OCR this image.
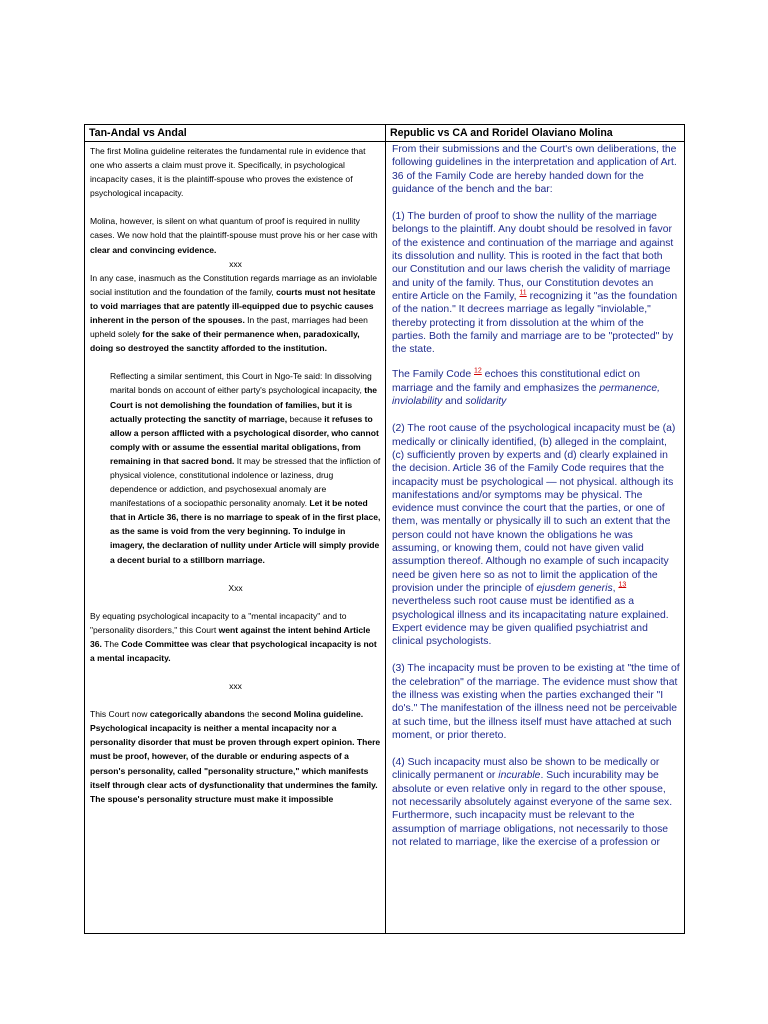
Tan-Andal vs Andal	Republic vs CA and Roridel Olaviano Molina

The first Molina guideline reiterates the fundamental rule in evidence that one who asserts a claim must prove it. Specifically, in psychological incapacity cases, it is the plaintiff-spouse who proves the existence of psychological incapacity.

Molina, however, is silent on what quantum of proof is required in nullity cases. We now hold that the plaintiff-spouse must prove his or her case with clear and convincing evidence.

xxx

In any case, inasmuch as the Constitution regards marriage as an inviolable social institution and the foundation of the family, courts must not hesitate to void marriages that are patently ill-equipped due to psychic causes inherent in the person of the spouses. In the past, marriages had been upheld solely for the sake of their permanence when, paradoxically, doing so destroyed the sanctity afforded to the institution.

Reflecting a similar sentiment, this Court in Ngo-Te said: In dissolving marital bonds on account of either party's psychological incapacity, the Court is not demolishing the foundation of families, but it is actually protecting the sanctity of marriage, because it refuses to allow a person afflicted with a psychological disorder, who cannot comply with or assume the essential marital obligations, from remaining in that sacred bond. It may be stressed that the infliction of physical violence, constitutional indolence or laziness, drug dependence or addiction, and psychosexual anomaly are manifestations of a sociopathic personality anomaly. Let it be noted that in Article 36, there is no marriage to speak of in the first place, as the same is void from the very beginning. To indulge in imagery, the declaration of nullity under Article will simply provide a decent burial to a stillborn marriage.

Xxx

By equating psychological incapacity to a "mental incapacity" and to "personality disorders," this Court went against the intent behind Article 36. The Code Committee was clear that psychological incapacity is not a mental incapacity.

xxx

This Court now categorically abandons the second Molina guideline. Psychological incapacity is neither a mental incapacity nor a personality disorder that must be proven through expert opinion. There must be proof, however, of the durable or enduring aspects of a person's personality, called "personality structure," which manifests itself through clear acts of dysfunctionality that undermines the family. The spouse's personality structure must make it impossible

From their submissions and the Court's own deliberations, the following guidelines in the interpretation and application of Art. 36 of the Family Code are hereby handed down for the guidance of the bench and the bar:

(1) The burden of proof to show the nullity of the marriage belongs to the plaintiff. Any doubt should be resolved in favor of the existence and continuation of the marriage and against its dissolution and nullity. This is rooted in the fact that both our Constitution and our laws cherish the validity of marriage and unity of the family. Thus, our Constitution devotes an entire Article on the Family, $^{11}$ recognizing it "as the foundation of the nation." It decrees marriage as legally "inviolable," thereby protecting it from dissolution at the whim of the parties. Both the family and marriage are to be "protected" by the state.

The Family Code $^{12}$ echoes this constitutional edict on marriage and the family and emphasizes the permanence, inviolability and solidarity

(2) The root cause of the psychological incapacity must be (a) medically or clinically identified, (b) alleged in the complaint, (c) sufficiently proven by experts and (d) clearly explained in the decision. Article 36 of the Family Code requires that the incapacity must be psychological — not physical. although its manifestations and/or symptoms may be physical. The evidence must convince the court that the parties, or one of them, was mentally or physically ill to such an extent that the person could not have known the obligations he was assuming, or knowing them, could not have given valid assumption thereof. Although no example of such incapacity need be given here so as not to limit the application of the provision under the principle of ejusdem generis, $^{13}$ nevertheless such root cause must be identified as a psychological illness and its incapacitating nature explained. Expert evidence may be given qualified psychiatrist and clinical psychologists.

(3) The incapacity must be proven to be existing at "the time of the celebration" of the marriage. The evidence must show that the illness was existing when the parties exchanged their "I do's." The manifestation of the illness need not be perceivable at such time, but the illness itself must have attached at such moment, or prior thereto.

(4) Such incapacity must also be shown to be medically or clinically permanent or incurable. Such incurability may be absolute or even relative only in regard to the other spouse, not necessarily absolutely against everyone of the same sex. Furthermore, such incapacity must be relevant to the assumption of marriage obligations, not necessarily to those not related to marriage, like the exercise of a profession or
